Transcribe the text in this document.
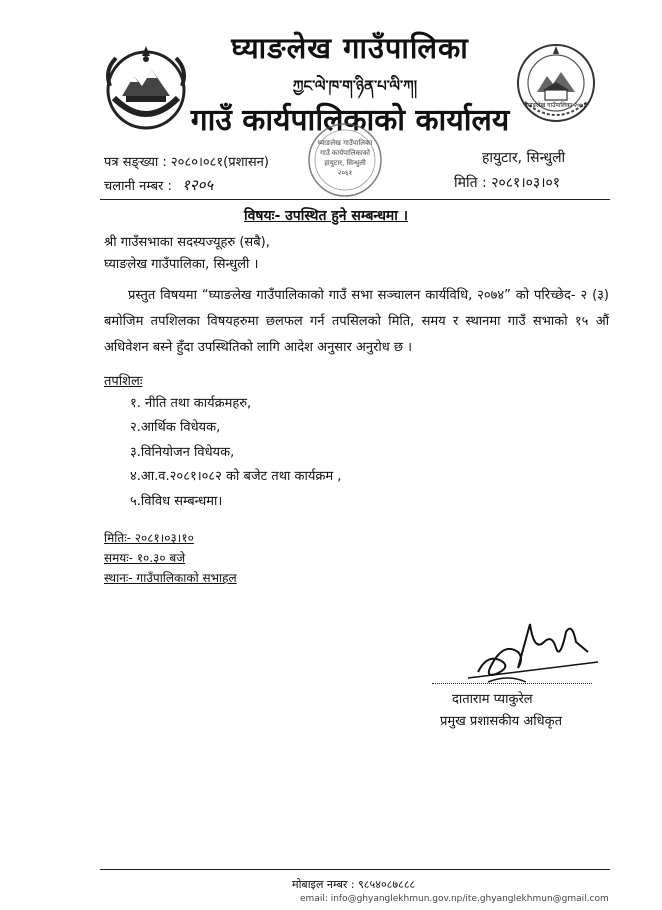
घ्याङलेख गाउँपालिका
ཀྱང་ལེ་ཁ་ག་ཉིན་པ་ལི་ཀ།
गाउँ कार्यपालिकाको कार्यालय	घ्याङलेख गाउँपालिका २०७३
पत्र सङ्ख्या : २०८०।०८१(प्रशासन)
चलानी नम्बर : १२०५
हायुटार, सिन्धुली
मिति : २०८१।०३।०१
घ्याङलेख गाउँपालिका
गाउँ कार्यपालिकाको
हायुटार, सिन्धुली
२०६१
विषयः- उपस्थित हुने सम्बन्धमा ।
श्री गाउँसभाका सदस्यज्यूहरु (सबै),
घ्याङलेख गाउँपालिका, सिन्धुली ।
प्रस्तुत विषयमा “घ्याङलेख गाउँपालिकाको गाउँ सभा सञ्चालन कार्यविधि, २०७४” को परिच्छेद- २ (३) बमोजिम तपशिलका विषयहरुमा छलफल गर्न तपसिलको मिति, समय र स्थानमा गाउँ सभाको १५ औं अधिवेशन बस्ने हुँदा उपस्थितिको लागि आदेश अनुसार अनुरोध छ ।
तपशिलः
१. नीति तथा कार्यक्रमहरु,
२.आर्थिक विधेयक,
३.विनियोजन विधेयक,
४.आ.व.२०८१।०८२ को बजेट तथा कार्यक्रम ,
५.विविध सम्बन्धमा।
मितिः- २०८१।०३।१०
समयः- १०.३० बजे
स्थानः- गाउँपालिकाको सभाहल
दाताराम प्याकुरेल
प्रमुख प्रशासकीय अधिकृत
मोबाइल नम्बर : ९८५४०८७८८८
email: info@ghyanglekhmun.gov.np/ite.ghyanglekhmun@gmail.com
